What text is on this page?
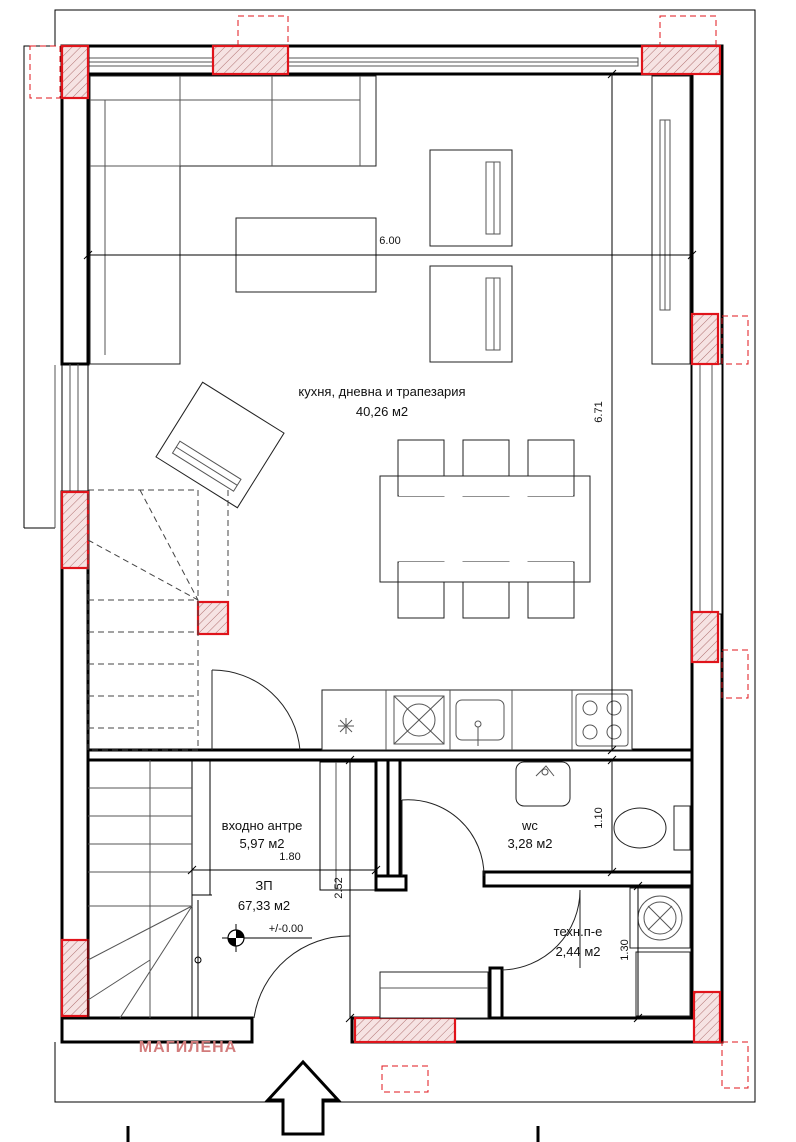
кухня, дневна и трапезария
40,26 м2
входно антре
5,97 м2
wc
3,28 м2
техн.п-е
2,44 м2
ЗП
67,33 м2
+/-0.00
6.00
6.71
1.80
2.52
1.10
1.30
МАГИЛЕНА
